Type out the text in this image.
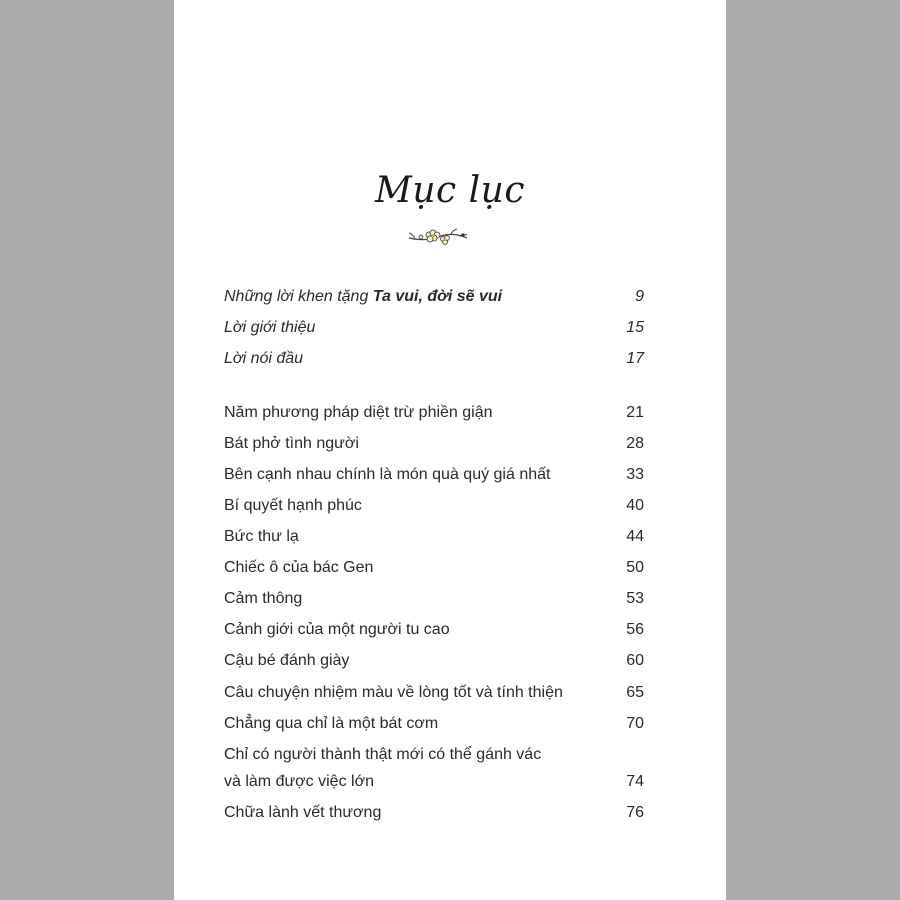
Mục lục
Những lời khen tặng Ta vui, đời sẽ vui	9
Lời giới thiệu	15
Lời nói đầu	17
Năm phương pháp diệt trừ phiền giận	21
Bát phở tình người	28
Bên cạnh nhau chính là món quà quý giá nhất	33
Bí quyết hạnh phúc	40
Bức thư lạ	44
Chiếc ô của bác Gen	50
Cảm thông	53
Cảnh giới của một người tu cao	56
Cậu bé đánh giày	60
Câu chuyện nhiệm màu về lòng tốt và tính thiện	65
Chẳng qua chỉ là một bát cơm	70
Chỉ có người thành thật mới có thể gánh vác
và làm được việc lớn	74
Chữa lành vết thương	76
